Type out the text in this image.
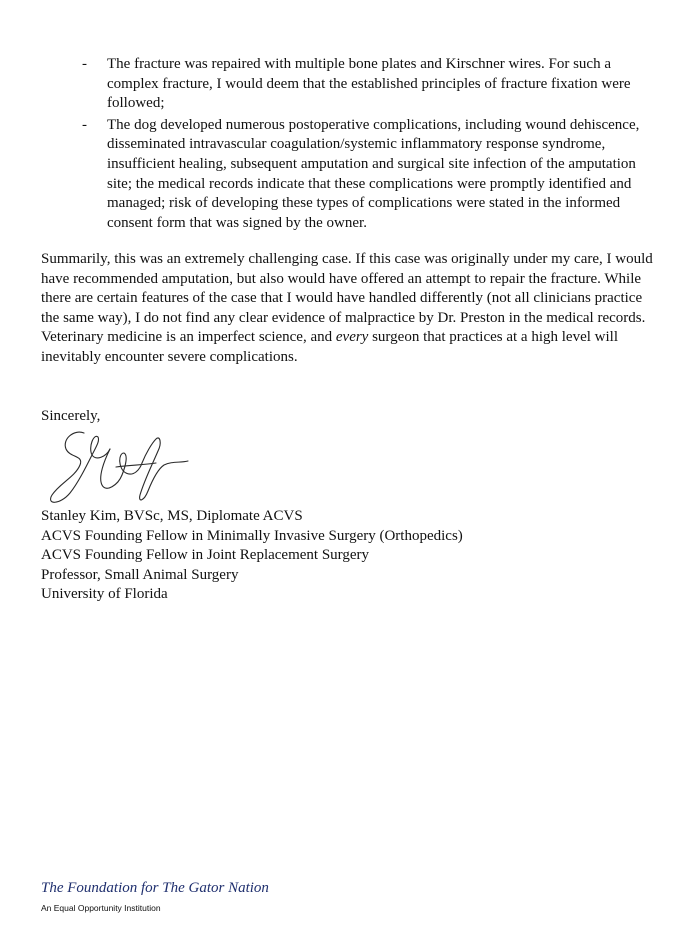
- The fracture was repaired with multiple bone plates and Kirschner wires. For such a complex fracture, I would deem that the established principles of fracture fixation were followed;
- The dog developed numerous postoperative complications, including wound dehiscence, disseminated intravascular coagulation/systemic inflammatory response syndrome, insufficient healing, subsequent amputation and surgical site infection of the amputation site; the medical records indicate that these complications were promptly identified and managed; risk of developing these types of complications were stated in the informed consent form that was signed by the owner.

Summarily, this was an extremely challenging case. If this case was originally under my care, I would have recommended amputation, but also would have offered an attempt to repair the fracture. While there are certain features of the case that I would have handled differently (not all clinicians practice the same way), I do not find any clear evidence of malpractice by Dr. Preston in the medical records. Veterinary medicine is an imperfect science, and every surgeon that practices at a high level will inevitably encounter severe complications.

Sincerely,

Stanley Kim, BVSc, MS, Diplomate ACVS
ACVS Founding Fellow in Minimally Invasive Surgery (Orthopedics)
ACVS Founding Fellow in Joint Replacement Surgery
Professor, Small Animal Surgery
University of Florida

The Foundation for The Gator Nation

An Equal Opportunity Institution
